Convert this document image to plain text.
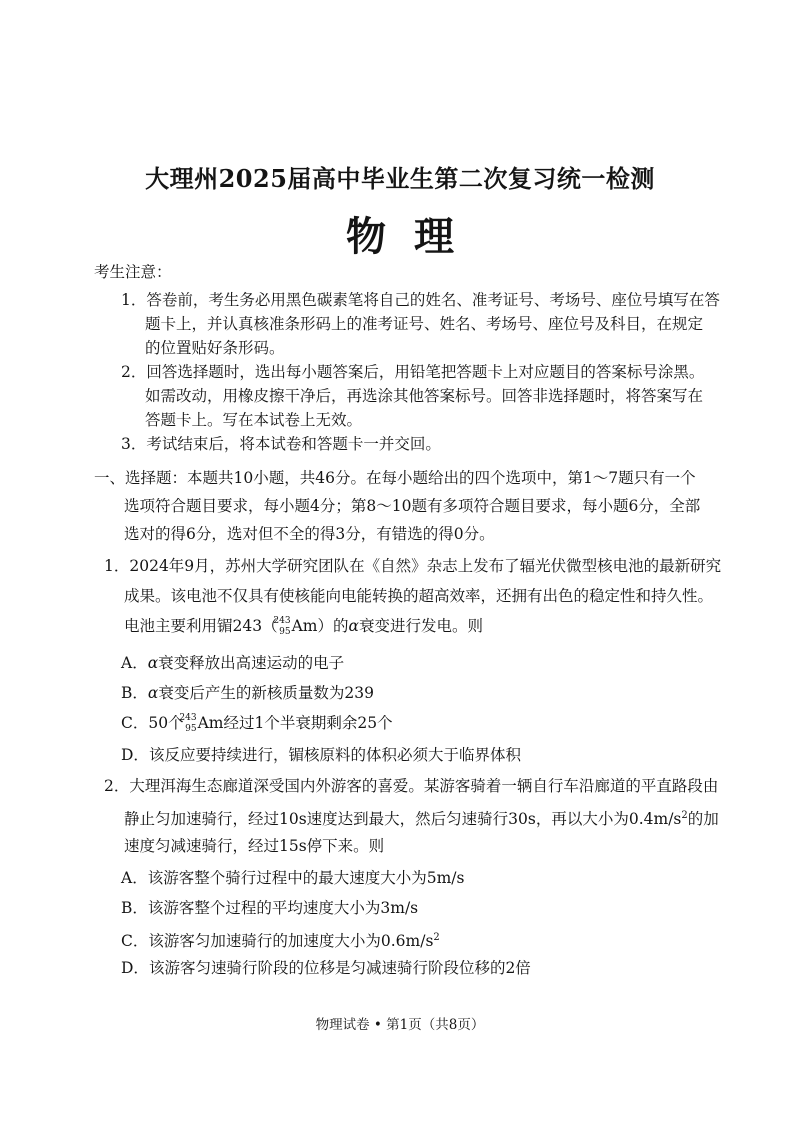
大理州2025届高中毕业生第二次复习统一检测
物理
考生注意：
1．答卷前，考生务必用黑色碳素笔将自己的姓名、准考证号、考场号、座位号填写在答
题卡上，并认真核准条形码上的准考证号、姓名、考场号、座位号及科目，在规定
的位置贴好条形码。
2．回答选择题时，选出每小题答案后，用铅笔把答题卡上对应题目的答案标号涂黑。
如需改动，用橡皮擦干净后，再选涂其他答案标号。回答非选择题时，将答案写在
答题卡上。写在本试卷上无效。
3．考试结束后，将本试卷和答题卡一并交回。
一、选择题：本题共10小题，共46分。在每小题给出的四个选项中，第1～7题只有一个
选项符合题目要求，每小题4分；第8～10题有多项符合题目要求，每小题6分，全部
选对的得6分，选对但不全的得3分，有错选的得0分。
1．2024年9月，苏州大学研究团队在《自然》杂志上发布了辐光伏微型核电池的最新研究
成果。该电池不仅具有使核能向电能转换的超高效率，还拥有出色的稳定性和持久性。
电池主要利用镅243（
243
95 Am）的α衰变进行发电。则
A．α衰变释放出高速运动的电子
B．α衰变后产生的新核质量数为239
C．50个
243
95 Am经过1个半衰期剩余25个
D．该反应要持续进行，镅核原料的体积必须大于临界体积
2．大理洱海生态廊道深受国内外游客的喜爱。某游客骑着一辆自行车沿廊道的平直路段由
静止匀加速骑行，经过10s速度达到最大，然后匀速骑行30s，再以大小为$0.4m/s^2$的加
速度匀减速骑行，经过15s停下来。则
A．该游客整个骑行过程中的最大速度大小为5m/s
B．该游客整个过程的平均速度大小为3m/s
C．该游客匀加速骑行的加速度大小为$0.6m/s^2$
D．该游客匀速骑行阶段的位移是匀减速骑行阶段位移的2倍
物理试卷 • 第1页（共8页）
